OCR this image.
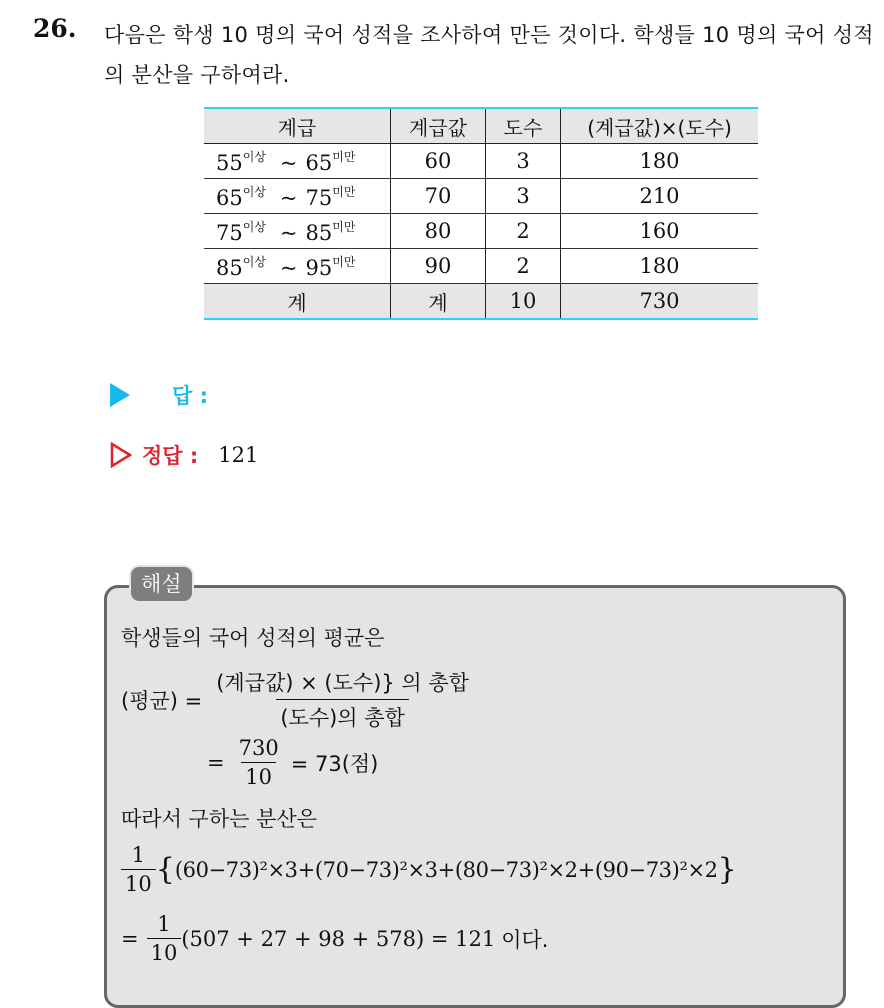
26. 다음은 학생 10 명의 국어 성적을 조사하여 만든 것이다. 학생들 10 명의 국어 성적의 분산을 구하여라.
계급	계급값	도수	(계급값)×(도수)
$55^{이상}$ ~ $65^{미만}$	60	3	180
$65^{이상}$ ~ $75^{미만}$	70	3	210
$75^{이상}$ ~ $85^{미만}$	80	2	160
$85^{이상}$ ~ $95^{미만}$	90	2	180
계	계	10	730
답 :
정답 : 121
해설
학생들의 국어 성적의 평균은
(평균) = $\frac{\text{(계급값) × (도수)\} 의 총합}}{\text{(도수)의 총합}}$
= $\frac{730}{10} = 73$(점)
따라서 구하는 분산은
$\frac{1}{10}$ { (60−73)²×3+(70−73)²×3+(80−73)²×2+(90−73)²×2 }
= $\frac{1}{10} (507 + 27 + 98 + 578) = 121$ 이다.
